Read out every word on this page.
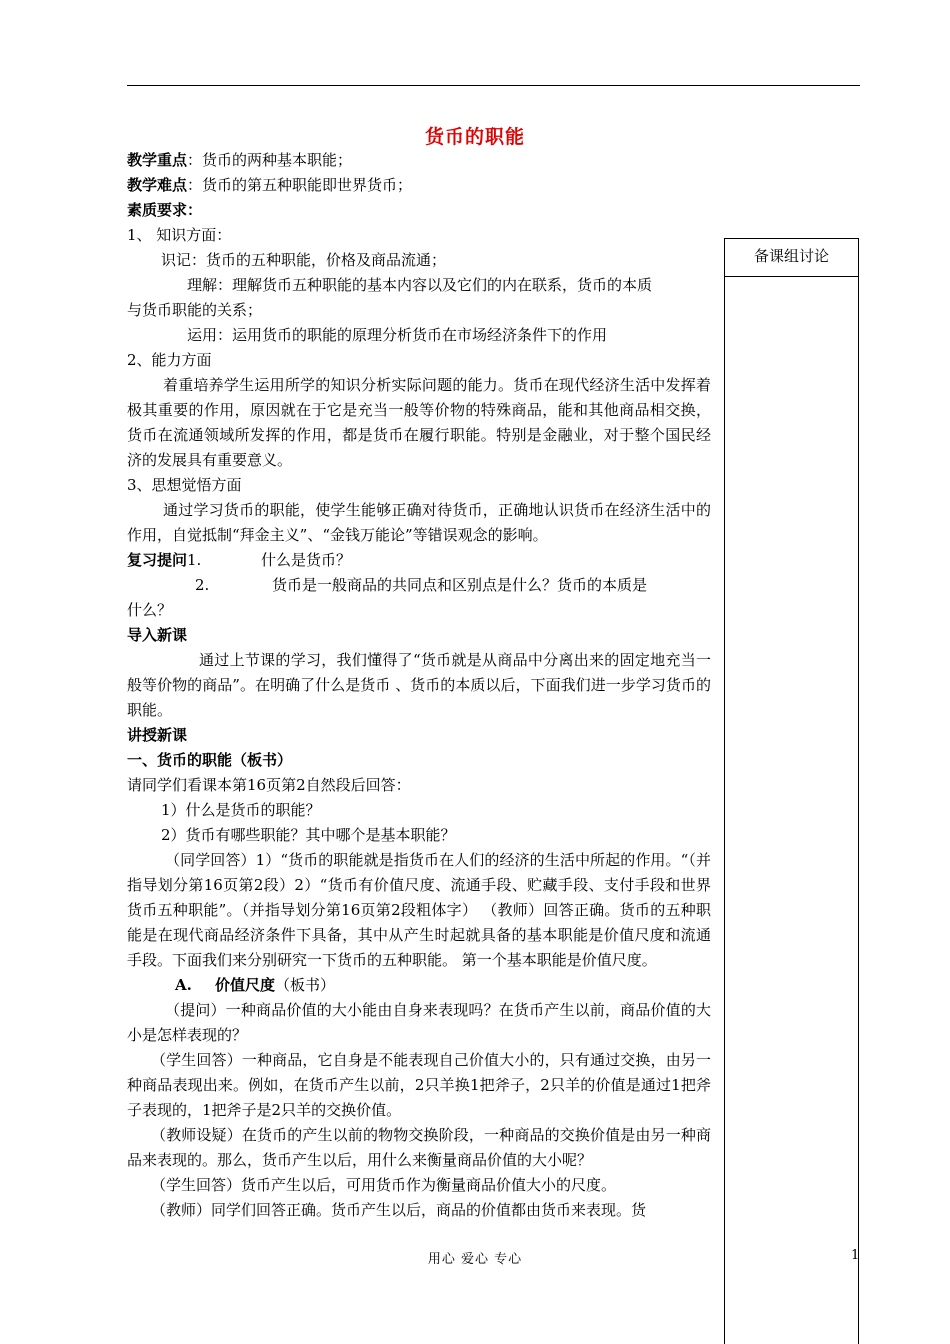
货币的职能
备课组讨论
教学重点：货币的两种基本职能；
教学难点：货币的第五种职能即世界货币；
素质要求：
1、 知识方面：
识记：货币的五种职能，价格及商品流通；
理解：理解货币五种职能的基本内容以及它们的内在联系，货币的本质
与货币职能的关系；
运用：运用货币的职能的原理分析货币在市场经济条件下的作用
2、能力方面
着重培养学生运用所学的知识分析实际问题的能力。货币在现代经济生活中发挥着极其重要的作用，原因就在于它是充当一般等价物的特殊商品，能和其他商品相交换，货币在流通领域所发挥的作用，都是货币在履行职能。特别是金融业，对于整个国民经济的发展具有重要意义。
3、思想觉悟方面
通过学习货币的职能，使学生能够正确对待货币，正确地认识货币在经济生活中的作用，自觉抵制“拜金主义”、“金钱万能论”等错误观念的影响。
复习提问1.	什么是货币？
2.	货币是一般商品的共同点和区别点是什么？货币的本质是
什么？
导入新课
通过上节课的学习，我们懂得了“货币就是从商品中分离出来的固定地充当一般等价物的商品”。在明确了什么是货币 、货币的本质以后，下面我们进一步学习货币的职能。
讲授新课
一、货币的职能（板书）
请同学们看课本第16页第2自然段后回答：
1）什么是货币的职能？
2）货币有哪些职能？其中哪个是基本职能？
（同学回答）1）“货币的职能就是指货币在人们的经济的生活中所起的作用。“（并指导划分第16页第2段）2）“货币有价值尺度、流通手段、贮藏手段、支付手段和世界货币五种职能”。（并指导划分第16页第2段粗体字） （教师）回答正确。货币的五种职能是在现代商品经济条件下具备，其中从产生时起就具备的基本职能是价值尺度和流通手段。下面我们来分别研究一下货币的五种职能。 第一个基本职能是价值尺度。
A. 价值尺度（板书）
（提问）一种商品价值的大小能由自身来表现吗？在货币产生以前，商品价值的大小是怎样表现的？
（学生回答）一种商品，它自身是不能表现自己价值大小的，只有通过交换，由另一种商品表现出来。例如，在货币产生以前，2只羊换1把斧子，2只羊的价值是通过1把斧子表现的，1把斧子是2只羊的交换价值。
（教师设疑）在货币的产生以前的物物交换阶段，一种商品的交换价值是由另一种商品来表现的。那么，货币产生以后，用什么来衡量商品价值的大小呢？
（学生回答）货币产生以后，可用货币作为衡量商品价值大小的尺度。
（教师）同学们回答正确。货币产生以后，商品的价值都由货币来表现。货
用心 爱心 专心	1
